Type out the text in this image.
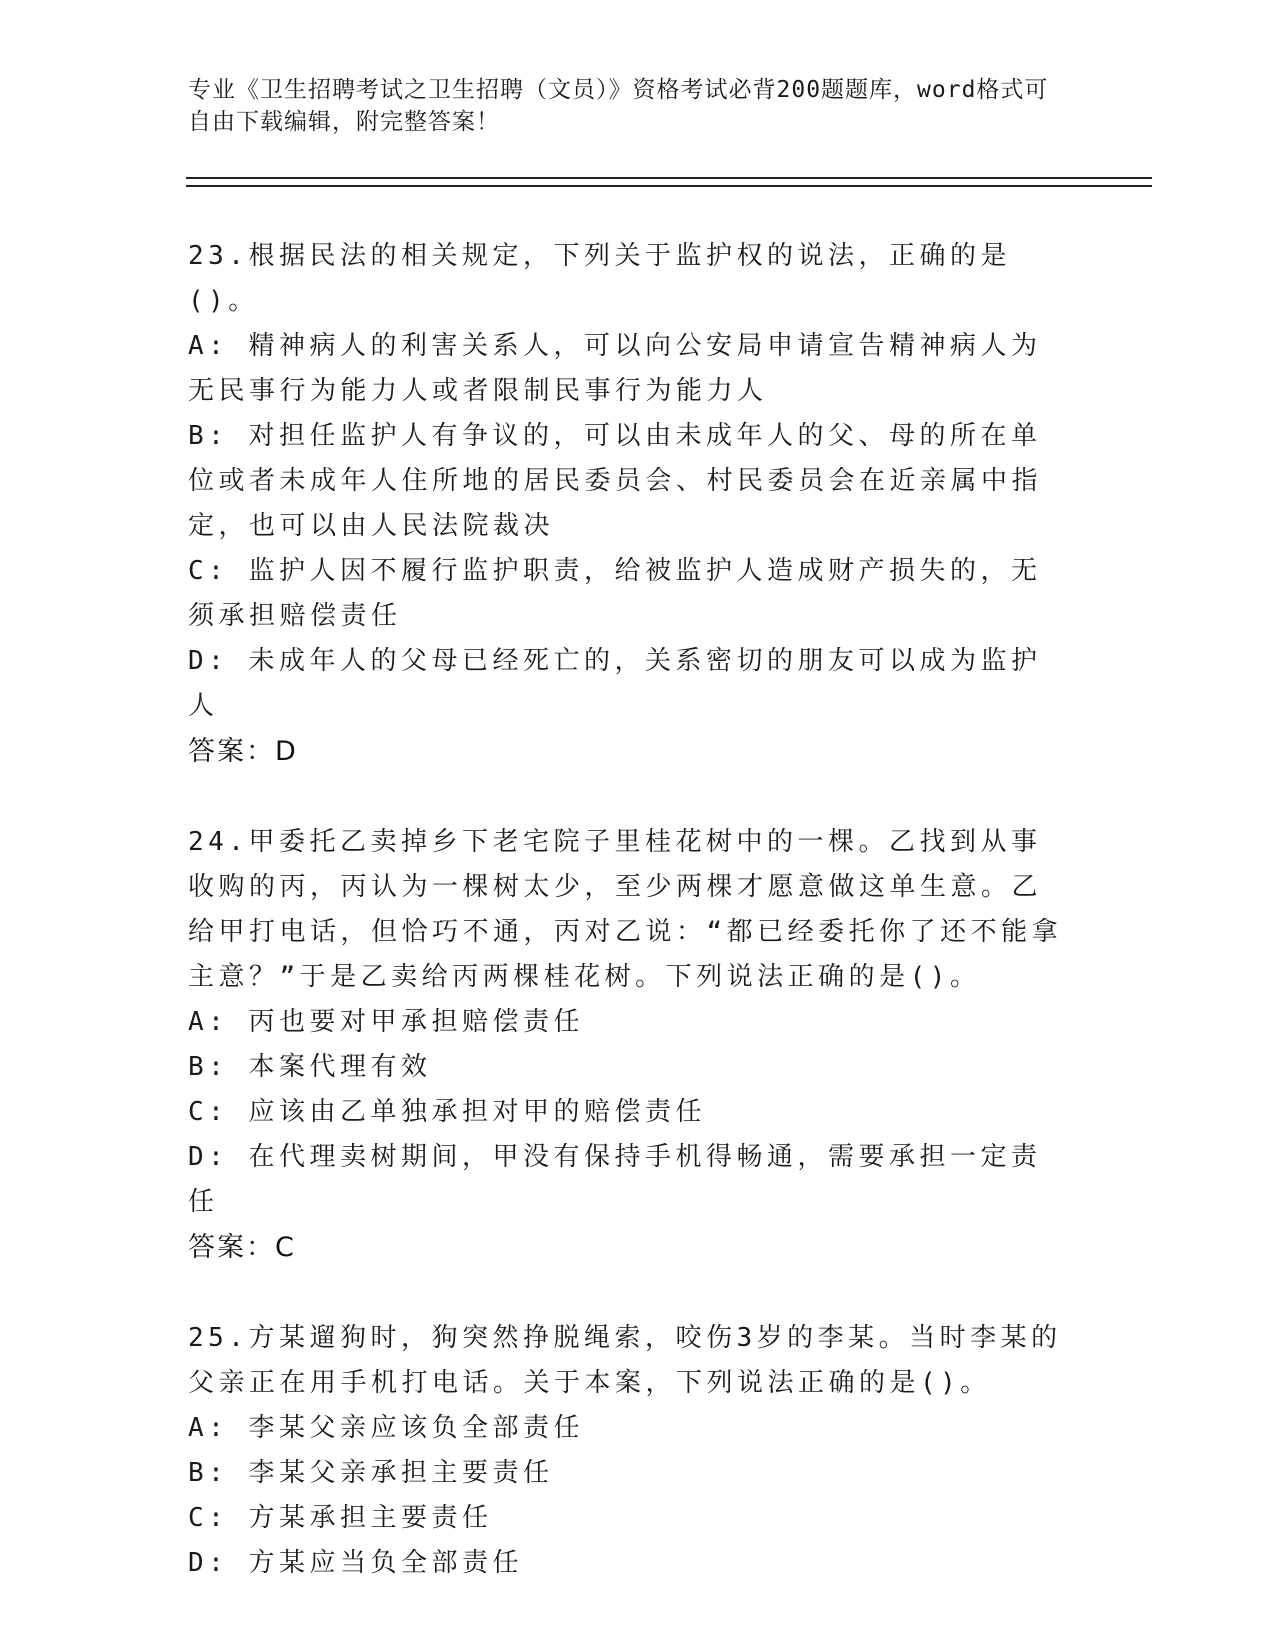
专业《卫生招聘考试之卫生招聘（文员）》资格考试必背200题题库，word格式可自由下载编辑，附完整答案！

23.根据民法的相关规定，下列关于监护权的说法，正确的是()。

A: 精神病人的利害关系人，可以向公安局申请宣告精神病人为无民事行为能力人或者限制民事行为能力人

B: 对担任监护人有争议的，可以由未成年人的父、母的所在单位或者未成年人住所地的居民委员会、村民委员会在近亲属中指定，也可以由人民法院裁决

C: 监护人因不履行监护职责，给被监护人造成财产损失的，无须承担赔偿责任

D: 未成年人的父母已经死亡的，关系密切的朋友可以成为监护人

答案：D

24.甲委托乙卖掉乡下老宅院子里桂花树中的一棵。乙找到从事收购的丙，丙认为一棵树太少，至少两棵才愿意做这单生意。乙给甲打电话，但恰巧不通，丙对乙说：“都已经委托你了还不能拿主意？”于是乙卖给丙两棵桂花树。下列说法正确的是()。

A: 丙也要对甲承担赔偿责任

B: 本案代理有效

C: 应该由乙单独承担对甲的赔偿责任

D: 在代理卖树期间，甲没有保持手机得畅通，需要承担一定责任

答案：C

25.方某遛狗时，狗突然挣脱绳索，咬伤3岁的李某。当时李某的父亲正在用手机打电话。关于本案，下列说法正确的是()。

A: 李某父亲应该负全部责任

B: 李某父亲承担主要责任

C: 方某承担主要责任

D: 方某应当负全部责任
